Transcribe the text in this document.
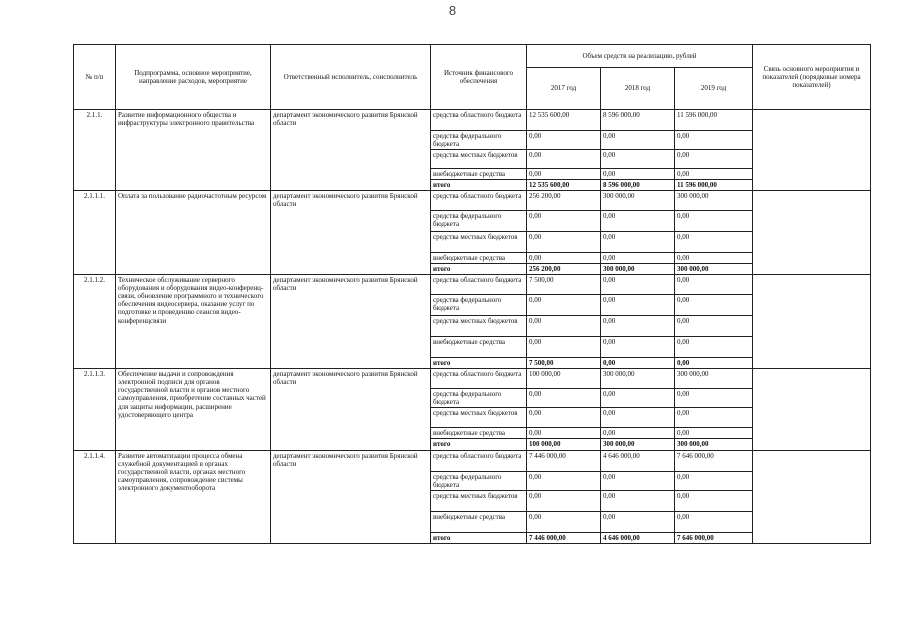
8
№ п/п	Подпрограмма, основное мероприятие, направление расходов, мероприятие	Ответственный исполнитель, соисполнитель	Источник финансового обеспечения	Объем средств на реализацию, рублей			Связь основного мероприятия и показателей (порядковые номера показателей)
				2017 год	2018 год	2019 год	
2.1.1.	Развитие информационного общества и инфраструктуры электронного правительства	департамент экономического развития Брянской области	средства областного бюджета	12 535 600,00	8 596 000,00	11 596 000,00	
			средства федерального бюджета	0,00	0,00	0,00	
			средства местных бюджетов	0,00	0,00	0,00	
			внебюджетные средства	0,00	0,00	0,00	
			итого	12 535 600,00	8 596 000,00	11 596 000,00	
2.1.1.1.	Оплата за пользование радиочастотным ресурсом	департамент экономического развития Брянской области	средства областного бюджета	256 200,00	300 000,00	300 000,00	
			средства федерального бюджета	0,00	0,00	0,00	
			средства местных бюджетов	0,00	0,00	0,00	
			внебюджетные средства	0,00	0,00	0,00	
			итого	256 200,00	300 000,00	300 000,00	
2.1.1.2.	Техническое обслуживание серверного оборудования и оборудования видео-конференц-связи, обновление программного и технического обеспечения видеосервера, оказание услуг по подготовке и проведению сеансов видео-конференцсвязи	департамент экономического развития Брянской области	средства областного бюджета	7 500,00	0,00	0,00	
			средства федерального бюджета	0,00	0,00	0,00	
			средства местных бюджетов	0,00	0,00	0,00	
			внебюджетные средства	0,00	0,00	0,00	
			итого	7 500,00	0,00	0,00	
2.1.1.3.	Обеспечение выдачи и сопровождения электронной подписи для органов государственной власти и органов местного самоуправления, приобретение составных частей для защиты информации, расширение удостоверяющего центра	департамент экономического развития Брянской области	средства областного бюджета	100 000,00	300 000,00	300 000,00	
			средства федерального бюджета	0,00	0,00	0,00	
			средства местных бюджетов	0,00	0,00	0,00	
			внебюджетные средства	0,00	0,00	0,00	
			итого	100 000,00	300 000,00	300 000,00	
2.1.1.4.	Развитие автоматизации процесса обмена служебной документацией в органах государственной власти, органах местного самоуправления, сопровождение системы электронного документооборота	департамент экономического развития Брянской области	средства областного бюджета	7 446 000,00	4 646 000,00	7 646 000,00	
			средства федерального бюджета	0,00	0,00	0,00	
			средства местных бюджетов	0,00	0,00	0,00	
			внебюджетные средства	0,00	0,00	0,00	
			итого	7 446 000,00	4 646 000,00	7 646 000,00	
